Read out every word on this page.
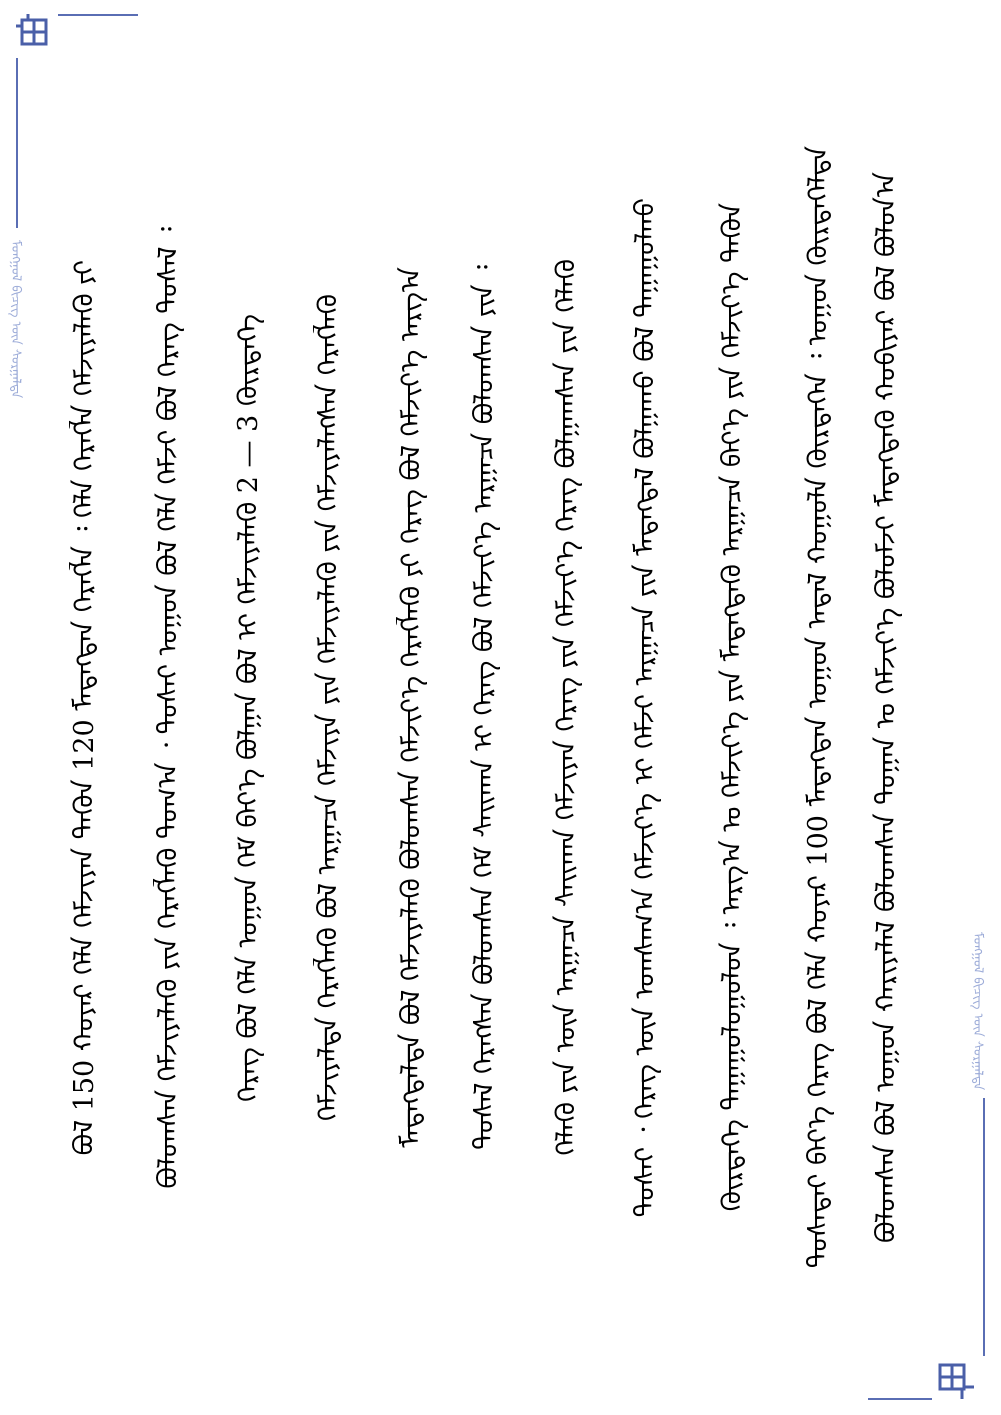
ᠮᠣᠩᠭᠣᠯ ᠪᠢᠴᠢᠭ ᠦᠨ ᠰᠤᠷᠭᠠᠯᠲᠠ
ᠮᠣᠩᠭᠣᠯ ᠪᠢᠴᠢᠭ ᠦᠨ ᠰᠤᠷᠭᠠᠯᠲᠠ
ᠪᠣᠯᠤᠭᠰᠠᠨ ᠪᠣᠯ ᠤᠭᠤᠨ ᠬᠠᠷᠢᠶᠠᠯᠠᠯ ᠪᠣᠯᠤᠭᠰᠠᠨ ᠲᠣᠭᠠᠨ ᠤ ᠬᠡᠮᠵᠢᠶ᠎ᠡ ᠪᠣᠯᠤᠮᠵᠢ ᠮᠡᠳᠡᠭᠳᠡᠬᠦ ᠬᠤᠪᠢᠶᠠᠷ ᠪᠣᠯ ᠪᠣᠯᠤᠨ᠎ᠠ
ᠲᠤᠰᠠᠲᠠᠢ ᠪᠡᠶ᠎ᠡ ᠬᠡᠷᠡᠭ ᠪᠣᠯ ᠬᠡᠯᠡ ᠬᠣᠶᠠᠷ 100 ᠮᠡᠳᠡᠭᠳᠡᠨ ᠤᠭᠤᠨ ᠠᠳᠠᠯ ᠬᠣᠭᠣᠯᠠ ᠬᠦᠷᠲᠡᠭᠡᠨ ᠄ ᠤᠭᠤᠨ ᠬᠦᠷᠲᠡᠭᠡᠯᠲᠡ
ᠬᠦᠷᠲᠡᠭᠡ ᠳᠠᠭᠠᠭᠤᠯᠤᠭᠤᠯᠤᠨ ᠄ ᠠᠷᠭ᠎ᠠ ᠣ ᠬᠡᠮᠵᠢᠶ᠎ᠡ ᠶᠢᠨ ᠮᠡᠳᠡᠭᠳᠡᠬᠦ ᠠᠷᠭᠠᠴᠠ ᠪᠡᠶ᠎ᠡ ᠶᠢᠨ ᠬᠡᠮᠵᠢᠶ᠎ᠡ ᠲᠡᠭᠦᠨ
ᠲᠤᠰᠠᠢ ᠂ ᠬᠡᠷᠡᠭ ᠦᠨ ᠤᠭᠰᠠᠭ᠎ᠠ ᠬᠡᠮᠵᠢᠶ᠎ᠡ ᠢ ᠬᠡᠮᠵᠢ ᠠᠷᠭᠠᠴᠠ ᠶᠢᠨ ᠮᠡᠳᠡᠭᠳᠡᠯ ᠪᠣᠯᠭᠠᠬᠤ ᠪᠣᠯ ᠳᠠᠭᠠᠭᠤᠯᠬᠤ
ᠬᠡᠯᠡᠬᠦ ᠶᠢᠨ ᠦᠨ ᠠᠷᠭᠠᠴᠠ ᠰᠠᠢᠬᠠᠨ ᠬᠡᠮᠵᠢᠶᠡᠨ ᠬᠡᠷᠡᠭ ᠶᠢᠨ ᠬᠡᠮᠵᠢᠶ᠎ᠡ ᠬᠡᠷᠡᠭ ᠪᠣᠯᠭᠠᠭᠰᠠᠨ ᠶᠢᠨ ᠬᠡᠯᠡᠬᠦ
ᠲᠤᠰᠠᠯ ᠬᠡᠷᠡᠭᠰᠡᠨ ᠪᠣᠯᠤᠭᠰᠠᠨ ᠬᠡᠮ ᠰᠠᠢᠬᠠᠨ ᠢ ᠬᠡᠷᠡᠭ ᠪᠣᠯ ᠬᠡᠮᠵᠢᠶ᠎ᠡ ᠠᠷᠭᠠᠴᠠ ᠪᠣᠯᠤᠭᠰᠠᠨ ᠶᠢᠨ ᠄
ᠮᠡᠳᠡᠭᠳᠡᠯᠲᠡ ᠪᠣᠯ ᠬᠡᠮᠵᠢᠶᠡᠯᠡᠬᠦ ᠪᠣᠯᠤᠭᠰᠠᠨ ᠬᠡᠮᠵᠢᠶ᠎ᠡ ᠬᠡᠷᠡᠭᠯᠡᠬᠦ ᠶᠢ ᠬᠡᠷᠡᠭ ᠪᠣᠯ ᠬᠡᠮᠵᠢᠶ᠎ᠡ ᠠᠷᠭ᠎ᠠ
ᠬᠡᠮᠵᠢᠶᠡᠯᠲᠡ ᠬᠡᠷᠡᠭᠯᠡᠬᠦ ᠪᠣᠯ ᠠᠷᠭᠠᠴᠠ ᠬᠡᠮᠵᠢᠶᠡ ᠶᠢᠨ ᠬᠡᠮᠵᠢᠶᠡᠯᠡᠬᠦ ᠶᠢᠨ ᠬᠡᠮᠵᠢᠶᠡᠯᠡᠭᠰᠡᠨ ᠬᠡᠷᠡᠭᠯᠡᠬᠦ
ᠬᠡᠷᠡᠭ ᠪᠣᠯ ᠬᠡᠯᠡ ᠤᠭᠤᠨ ᠬᠡᠮ ᠪᠡᠶ᠎ᠡ ᠪᠣᠯᠭᠠᠨ ᠪᠣᠯ ᠢ ᠬᠡᠮᠵᠢᠶᠡᠯᠡᠬᠦ 2 — 3 ᠬᠦᠷᠲᠡᠭᠡ
ᠪᠣᠯᠤᠭᠰᠠᠨ ᠬᠡᠮᠵᠢᠶᠡᠯᠡᠬᠦ ᠶᠢᠨ ᠬᠡᠷᠡᠭᠯᠡᠬᠦ ᠲᠣᠭ᠎ᠠ ᠂ ᠲᠤᠰᠠᠢ ᠤᠭᠤᠨ ᠪᠣᠯ ᠬᠡᠯᠡ ᠬᠡᠮᠵᠢ ᠪᠣᠯ ᠬᠡᠷᠡᠭ ᠲᠤᠰᠠᠯ ᠄
ᠪᠣᠯ 150 ᠬᠣᠶᠠᠷ ᠬᠡᠯᠡ ᠬᠡᠮᠵᠢᠶᠡᠨ ᠲᠡᠭᠦᠨ 120 ᠮᠡᠳᠡᠭᠳᠡᠨ ᠬᠡᠷᠡᠭᠯᠡ ᠄ ᠬᠡᠯᠡ ᠬᠡᠷᠡᠭᠯᠡ ᠬᠡᠮᠵᠢᠶᠡᠯᠡᠬᠦ ᠶᠢ
